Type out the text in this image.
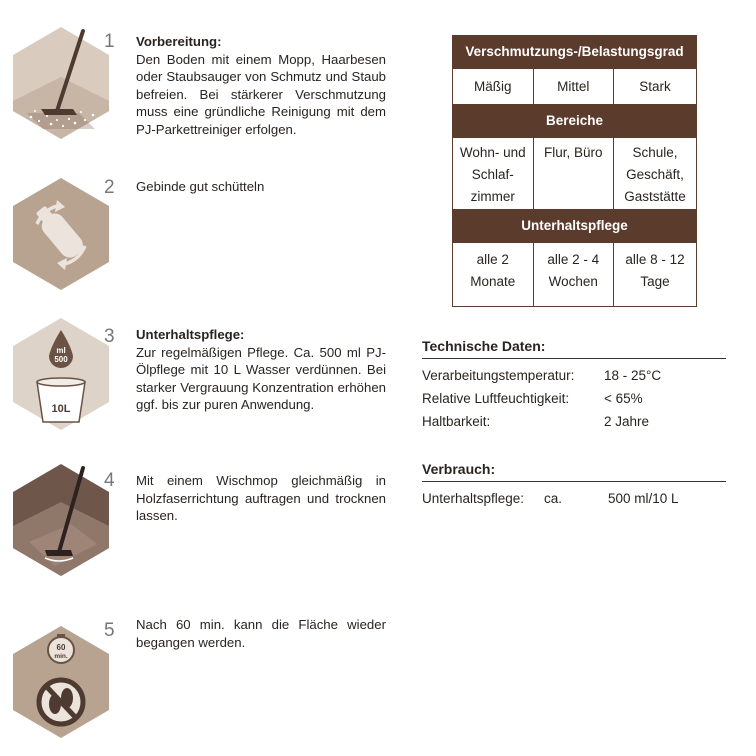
1 Vorbereitung:
Den Boden mit einem Mopp, Haarbesen oder Staubsauger von Schmutz und Staub befreien. Bei stärkerer Verschmutzung muss eine gründliche Reinigung mit dem PJ-Parkettreiniger erfolgen.
2 Gebinde gut schütteln
ml
500
10L
3 Unterhaltspflege:
Zur regelmäßigen Pflege. Ca. 500 ml PJ-Ölpflege mit 10 L Wasser verdünnen. Bei starker Vergrauung Konzentration erhöhen ggf. bis zur puren Anwendung.
4 Mit einem Wischmop gleichmäßig in Holzfaserrichtung auftragen und trocknen lassen.
60
min.
5 Nach 60 min. kann die Fläche wieder begangen werden.
Verschmutzungs-/Belastungsgrad		
Mäßig	Mittel	Stark
Bereiche		
Wohn- und Schlaf- zimmer	Flur, Büro	Schule, Geschäft, Gaststätte
Unterhaltspflege		
alle 2 Monate	alle 2 - 4 Wochen	alle 8 - 12 Tage
Technische Daten:
Verarbeitungstemperatur: 18 - 25°C
Relative Luftfeuchtigkeit:	< 65%
Haltbarkeit:	2 Jahre
Verbrauch:
Unterhaltspflege: ca.	500 ml/10 L
